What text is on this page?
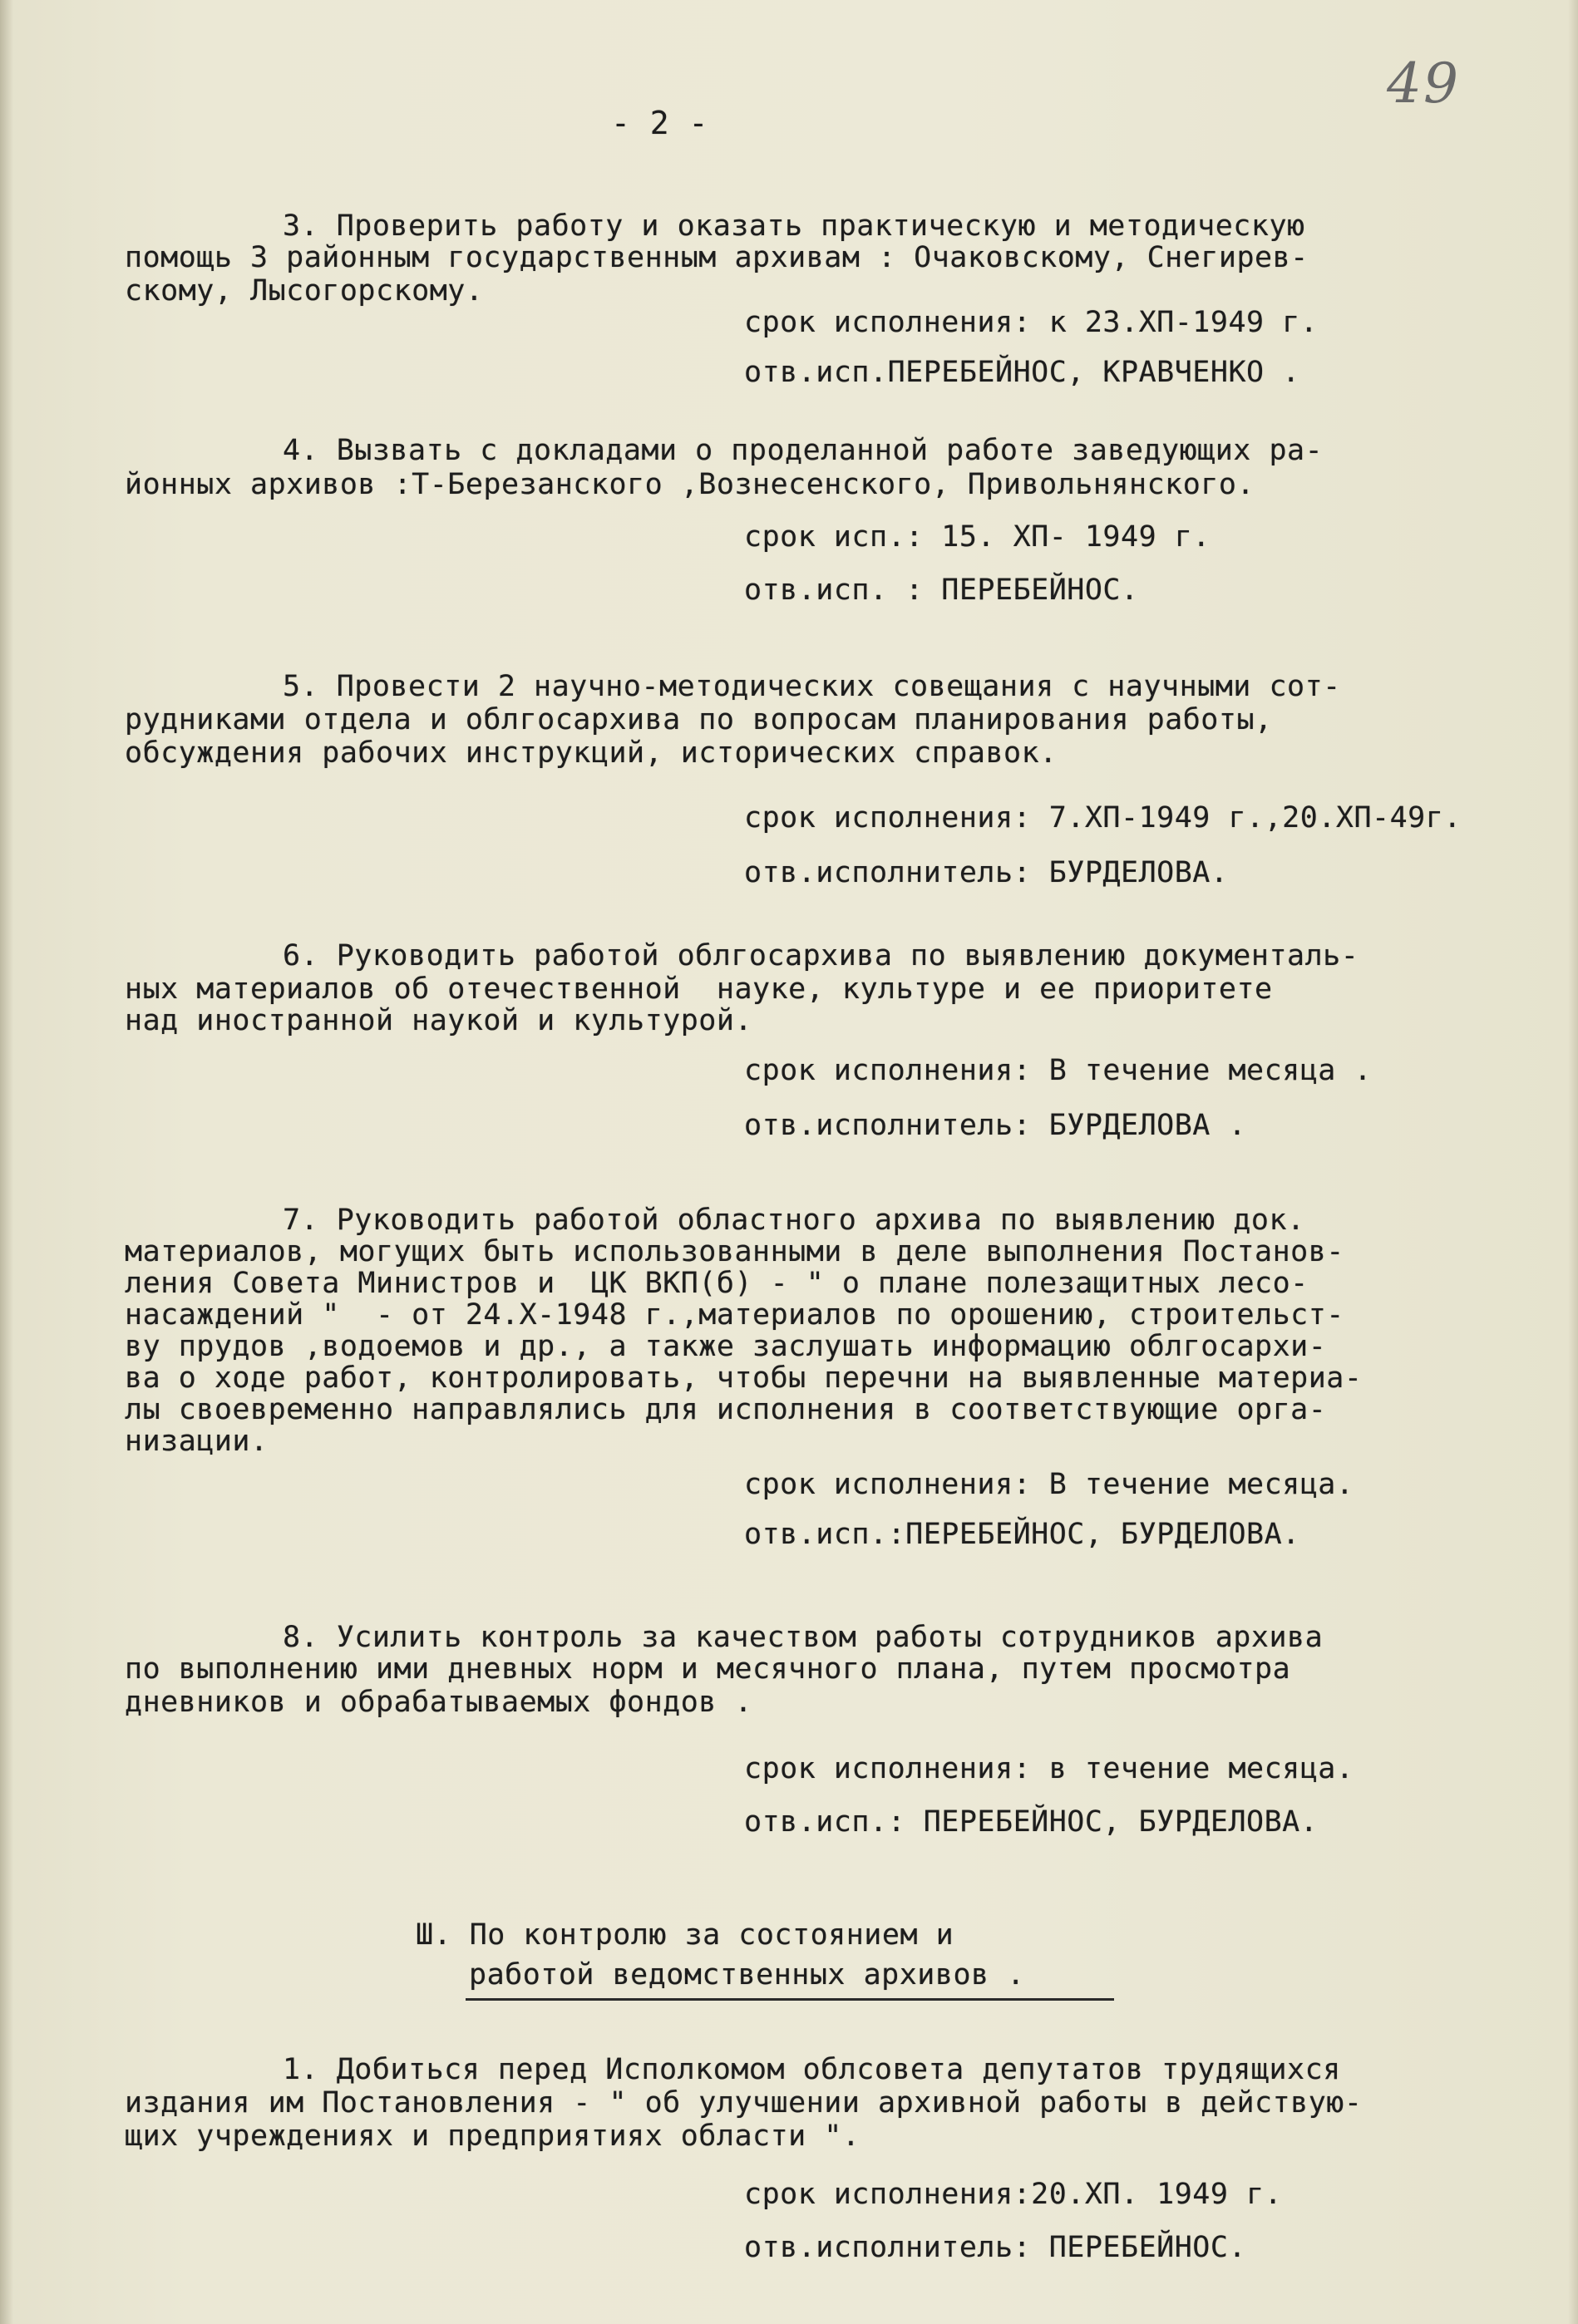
- 2 -
49
3. Проверить работу и оказать практическую и методическую
помощь 3 районным государственным архивам : Очаковскому, Снегирев-
скому, Лысогорскому.
срок исполнения: к 23.ХП-1949 г.
отв.исп.ПЕРЕБЕЙНОС, КРАВЧЕНКО .
4. Вызвать с докладами о проделанной работе заведующих ра-
йонных архивов :Т-Березанского ,Вознесенского, Привольнянского.
срок исп.: 15. ХП- 1949 г.
отв.исп. : ПЕРЕБЕЙНОС.
5. Провести 2 научно-методических совещания с научными сот-
рудниками отдела и облгосархива по вопросам планирования работы,
обсуждения рабочих инструкций, исторических справок.
срок исполнения: 7.ХП-1949 г.,20.ХП-49г.
отв.исполнитель: БУРДЕЛОВА.
6. Руководить работой облгосархива по выявлению документаль-
ных материалов об отечественной  науке, культуре и ее приоритете
над иностранной наукой и культурой.
срок исполнения: В течение месяца .
отв.исполнитель: БУРДЕЛОВА .
7. Руководить работой областного архива по выявлению док.
материалов, могущих быть использованными в деле выполнения Постанов-
ления Совета Министров и  ЦК ВКП(б) - " о плане полезащитных лесо-
насаждений "  - от 24.Х-1948 г.,материалов по орошению, строительст-
ву прудов ,водоемов и др., а также заслушать информацию облгосархи-
ва о ходе работ, контролировать, чтобы перечни на выявленные материа-
лы своевременно направлялись для исполнения в соответствующие орга-
низации.
срок исполнения: В течение месяца.
отв.исп.:ПЕРЕБЕЙНОС, БУРДЕЛОВА.
8. Усилить контроль за качеством работы сотрудников архива
по выполнению ими дневных норм и месячного плана, путем просмотра
дневников и обрабатываемых фондов .
срок исполнения: в течение месяца.
отв.исп.: ПЕРЕБЕЙНОС, БУРДЕЛОВА.
Ш. По контролю за состоянием и
работой ведомственных архивов .
1. Добиться перед Исполкомом облсовета депутатов трудящихся
издания им Постановления - " об улучшении архивной работы в действую-
щих учреждениях и предприятиях области ".
срок исполнения:20.ХП. 1949 г.
отв.исполнитель: ПЕРЕБЕЙНОС.
